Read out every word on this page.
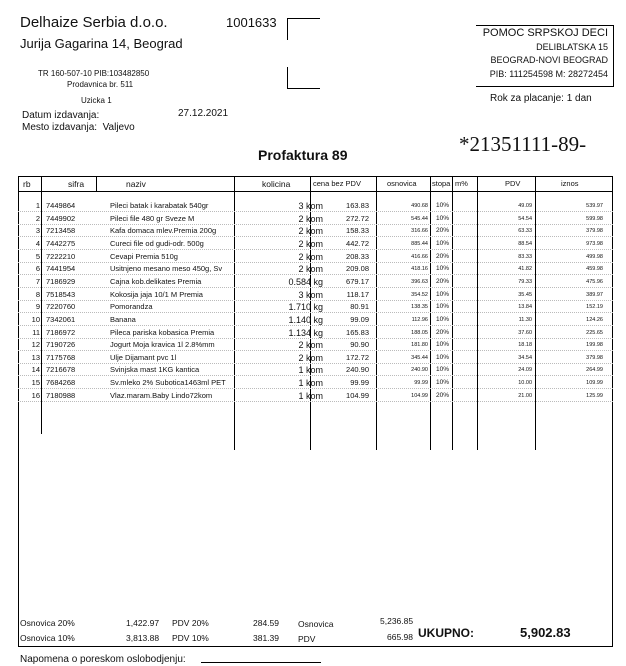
Delhaize Serbia d.o.o.
Jurija Gagarina 14, Beograd
1001633
TR 160-507-10 PIB:103482850
Prodavnica br. 511
Uzicka 1
Datum izdavanja:	27.12.2021
Mesto izdavanja: Valjevo
POMOC SRPSKOJ DECI
DELIBLATSKA 15
BEOGRAD-NOVI BEOGRAD
PIB: 111254598 M: 28272454
Rok za placanje: 1 dan
*21351111-89-
Profaktura 89
rb	sifra	naziv	kolicina	cena bez PDV	osnovica stopa m%	PDV	iznos
1 7449864	Pileci batak i karabatak 540gr	3 kom	163.83	490.68 10%	49.09	539.97
2 7449902	Pileci file 480 gr Sveze M	2 kom	272.72	545.44 10%	54.54	599.98
3 7213458	Kafa domaca mlev.Premia 200g	2 kom	158.33	316.66 20%	63.33	379.98
4 7442275	Cureci file od gudi-odr. 500g	2 kom	442.72	885.44 10%	88.54	973.98
5 7222210	Cevapi Premia 510g	2 kom	208.33	416.66 20%	83.33	499.98
6 7441954	Usitnjeno mesano meso 450g, Sv	2 kom	209.08	418.16 10%	41.82	459.98
7 7186929	Cajna kob.delikates Premia	0.584 kg	679.17	396.63 20%	79.33	475.96
8 7518543	Kokosija jaja 10/1 M Premia	3 kom	118.17	354.52 10%	35.45	389.97
9 7220760	Pomorandza	1.710 kg	80.91	138.35 10%	13.84	152.19
10 7342061	Banana	1.140 kg	99.09	112.96 10%	11.30	124.26
11 7186972	Pileca pariska kobasica Premia	1.134 kg	165.83	188.05 20%	37.60	225.65
12 7190726	Jogurt Moja kravica 1l 2.8%mm	2 kom	90.90	181.80 10%	18.18	199.98
13 7175768	Ulje Dijamant pvc 1l	2 kom	172.72	345.44 10%	34.54	379.98
14 7216678	Svinjska mast 1KG kantica	1 kom	240.90	240.90 10%	24.09	264.99
15 7684268	Sv.mleko 2% Subotica1463ml PET	1 kom	99.99	99.99 10%	10.00	109.99
16 7180988	Vlaz.maram.Baby Lindo72kom	1 kom	104.99	104.99 20%	21.00	125.99
Osnovica 20%	1,422.97 PDV 20%	284.59
Osnovica 10%	3,813.88 PDV 10%	381.39
Osnovica	5,236.85
PDV	665.98 UKUPNO:	5,902.83
Napomena o poreskom oslobodjenju:
